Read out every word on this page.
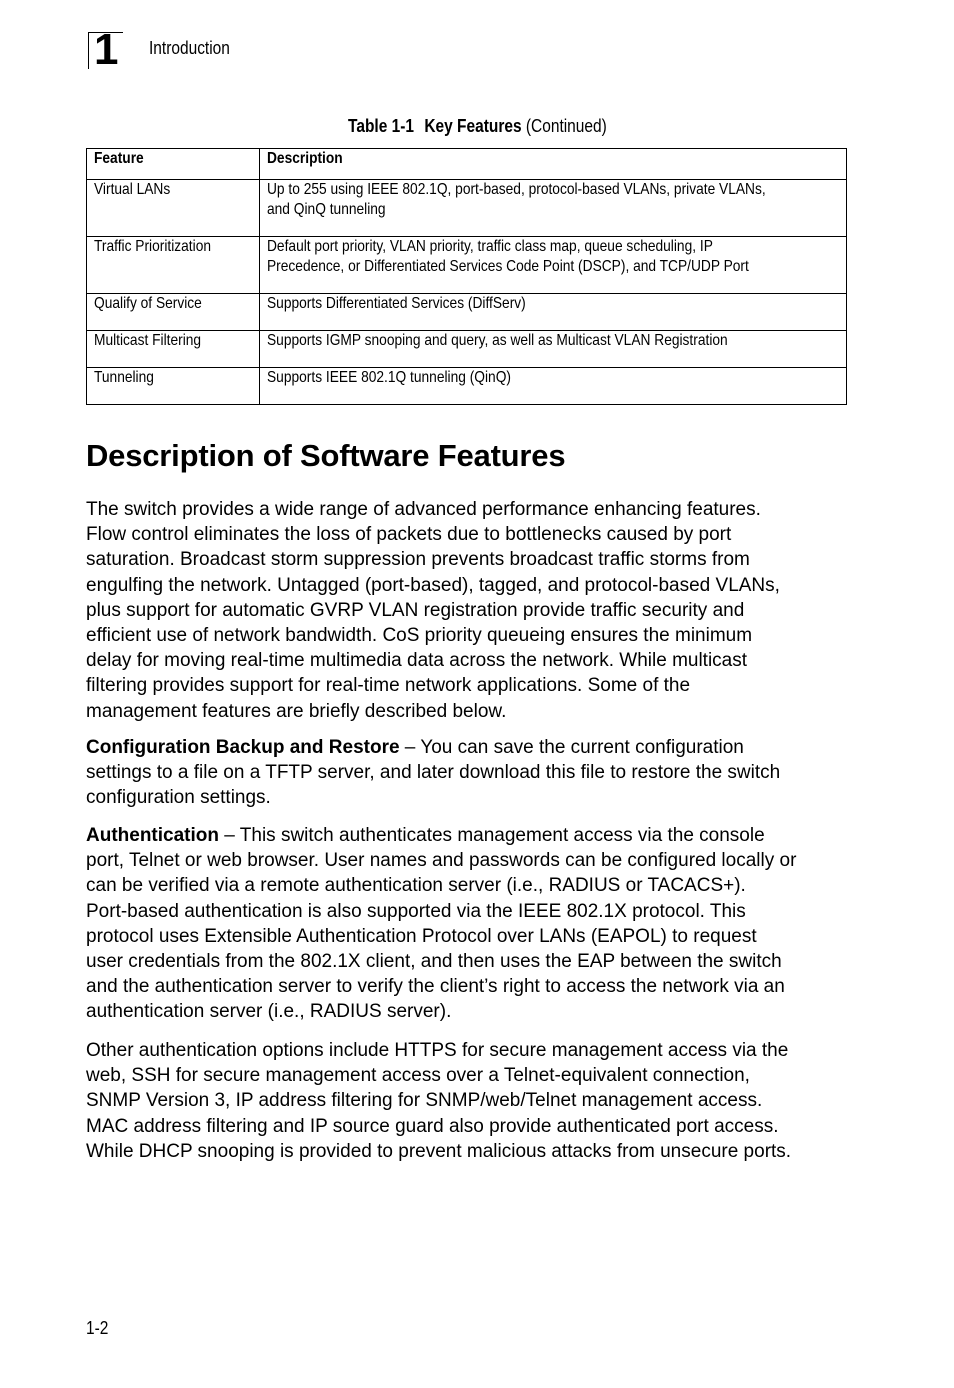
1 Introduction
Table 1-1 Key Features (Continued)
Feature	Description
Virtual LANs	Up to 255 using IEEE 802.1Q, port-based, protocol-based VLANs, private VLANs,
and QinQ tunneling
Traffic Prioritization	Default port priority, VLAN priority, traffic class map, queue scheduling, IP
Precedence, or Differentiated Services Code Point (DSCP), and TCP/UDP Port
Qualify of Service	Supports Differentiated Services (DiffServ)
Multicast Filtering	Supports IGMP snooping and query, as well as Multicast VLAN Registration
Tunneling	Supports IEEE 802.1Q tunneling (QinQ)
Description of Software Features

The switch provides a wide range of advanced performance enhancing features.
Flow control eliminates the loss of packets due to bottlenecks caused by port
saturation. Broadcast storm suppression prevents broadcast traffic storms from
engulfing the network. Untagged (port-based), tagged, and protocol-based VLANs,
plus support for automatic GVRP VLAN registration provide traffic security and
efficient use of network bandwidth. CoS priority queueing ensures the minimum
delay for moving real-time multimedia data across the network. While multicast
filtering provides support for real-time network applications. Some of the
management features are briefly described below.

Configuration Backup and Restore – You can save the current configuration
settings to a file on a TFTP server, and later download this file to restore the switch
configuration settings.

Authentication – This switch authenticates management access via the console
port, Telnet or web browser. User names and passwords can be configured locally or
can be verified via a remote authentication server (i.e., RADIUS or TACACS+).
Port-based authentication is also supported via the IEEE 802.1X protocol. This
protocol uses Extensible Authentication Protocol over LANs (EAPOL) to request
user credentials from the 802.1X client, and then uses the EAP between the switch
and the authentication server to verify the client’s right to access the network via an
authentication server (i.e., RADIUS server).

Other authentication options include HTTPS for secure management access via the
web, SSH for secure management access over a Telnet-equivalent connection,
SNMP Version 3, IP address filtering for SNMP/web/Telnet management access.
MAC address filtering and IP source guard also provide authenticated port access.
While DHCP snooping is provided to prevent malicious attacks from unsecure ports.

1-2
